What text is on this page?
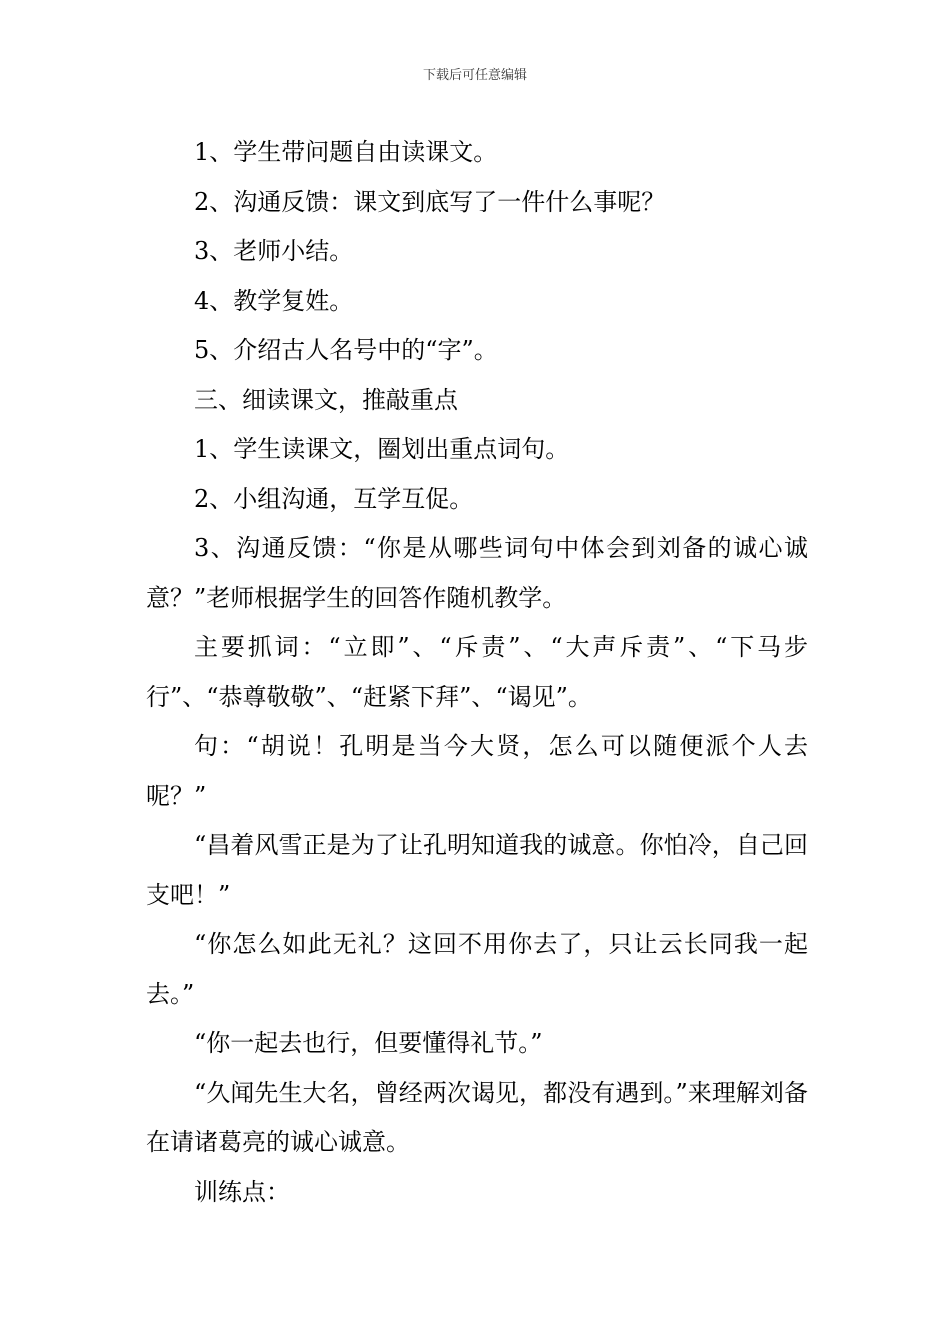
下载后可任意编辑

1、学生带问题自由读课文。

2、沟通反馈：课文到底写了一件什么事呢？

3、老师小结。

4、教学复姓。

5、介绍古人名号中的“字”。

三、细读课文，推敲重点

1、学生读课文，圈划出重点词句。

2、小组沟通，互学互促。

3、沟通反馈：“你是从哪些词句中体会到刘备的诚心诚意？”老师根据学生的回答作随机教学。

主要抓词：“立即”、“斥责”、“大声斥责”、“下马步行”、“恭尊敬敬”、“赶紧下拜”、“谒见”。

句：“胡说！孔明是当今大贤，怎么可以随便派个人去呢？”

“昌着风雪正是为了让孔明知道我的诚意。你怕冷，自己回支吧！”

“你怎么如此无礼？这回不用你去了，只让云长同我一起去。”

“你一起去也行，但要懂得礼节。”

“久闻先生大名，曾经两次谒见，都没有遇到。”来理解刘备在请诸葛亮的诚心诚意。

训练点：
